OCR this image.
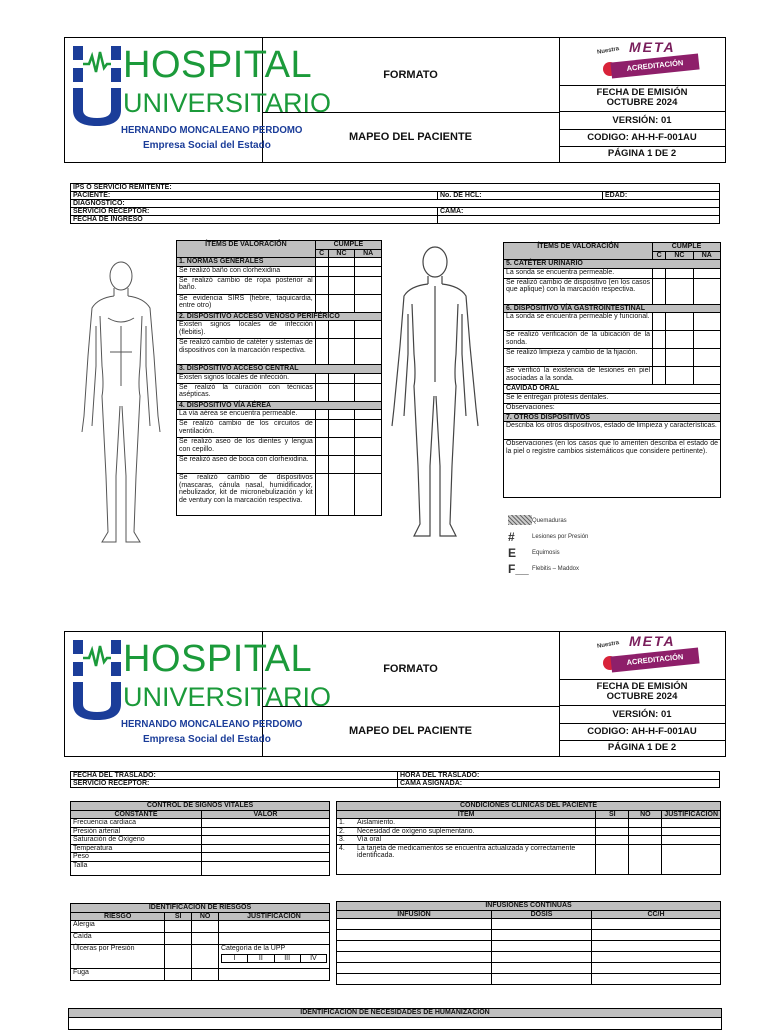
HOSPITAL
UNIVERSITARIO
HERNANDO MONCALEANO PERDOMO
Empresa Social del Estado
FORMATO
MAPEO DEL PACIENTE
Nuestra META
ACREDITACIÓN
FECHA DE EMISIÓN OCTUBRE 2024
VERSIÓN: 01
CODIGO: AH-H-F-001AU
PÁGINA 1 DE 2
IPS O SERVICIO REMITENTE:		
PACIENTE:	No. DE HCL:	EDAD:
DIAGNOSTICO:		
SERVICIO RECEPTOR:	CAMA:	
FECHA DE INGRESO		
ÍTEMS DE VALORACIÓN	CUMPLE		
	C	NC	NA
1. NORMAS GENERALES			
Se realizó baño con clorhexidina			
Se realizó cambio de ropa posterior al baño.			
Se evidencia SIRS (fiebre, taquicardia, entre otro)			
2. DISPOSITIVO ACCESO VENOSO PERIFÉRICO			
Existen signos locales de infección (flebitis).			
Se realizó cambio de catéter y sistemas de dispositivos con la marcación respectiva.			
3. DISPOSITIVO ACCESO CENTRAL			
Existen signos locales de infección.			
Se realizó la curación con técnicas asépticas.			
4. DISPOSITIVO VÍA AÉREA			
La vía aérea se encuentra permeable.			
Se realizó cambio de los circuitos de ventilación.			
Se realizó aseo de los dientes y lengua con cepillo.			
Se realizó aseo de boca con clorhexidina.			
Se realizó cambio de dispositivos (mascaras, cánula nasal, humidificador, nebulizador, kit de micronebulización y kit de ventury con la marcación respectiva.			
ÍTEMS DE VALORACIÓN	CUMPLE		
	C	NC	NA
5. CATÉTER URINARIO			
La sonda se encuentra permeable.			
Se realizó cambio de dispositivo (en los casos que aplique) con la marcación respectiva.			
6. DISPOSITIVO VÍA GASTROINTESTINAL			
La sonda se encuentra permeable y funcional.			
Se realizó verificación de la ubicación de la sonda.			
Se realizó limpieza y cambio de la fijación.			
Se verificó la existencia de lesiones en piel asociadas a la sonda.			
CAVIDAD ORAL			
Se le entregan prótesis dentales.			
Observaciones:			
7. OTROS DISPOSITIVOS			
Describa los otros dispositivos, estado de limpieza y características.			
Observaciones (en los casos que lo ameriten describa el estado de la piel o registre cambios sistemáticos que considere pertinente).			
Quemaduras
#	Lesiones por Presión
E	Equimosis
F__ Flebitis – Maddox
HOSPITAL
UNIVERSITARIO
HERNANDO MONCALEANO PERDOMO
Empresa Social del Estado
FORMATO
MAPEO DEL PACIENTE
Nuestra META
ACREDITACIÓN
FECHA DE EMISIÓN OCTUBRE 2024
VERSIÓN: 01
CODIGO: AH-H-F-001AU
PÁGINA 1 DE 2
FECHA DEL TRASLADO:	HORA DEL TRASLADO:
SERVICIO RECEPTOR:	CAMA ASIGNADA:
CONTROL DE SIGNOS VITALES	
CONSTANTE	VALOR
Frecuencia cardiaca	
Presión arterial	
Saturación de Oxígeno	
Temperatura	
Peso	
Talla	
CONDICIONES CLINICAS DEL PACIENTE				
ITEM		SI	NO	JUSTIFICACION
1.	Aislamiento.			
2.	Necesidad de oxígeno suplementario.			
3.	Vía oral			
4.	La tarjeta de medicamentos se encuentra actualizada y correctamente identificada.			
IDENTIFICACION DE RIESGOS			
RIESGO	SI	NO	JUSTIFICACION
Alergia			
Caída			
Úlceras por Presión			Categoría de la UPP
I II III IV

Fuga			
INFUSIONES CONTINUAS		
INFUSION	DOSIS	CC/H

IDENTIFICACION DE NECESIDADES DE HUMANIZACION
